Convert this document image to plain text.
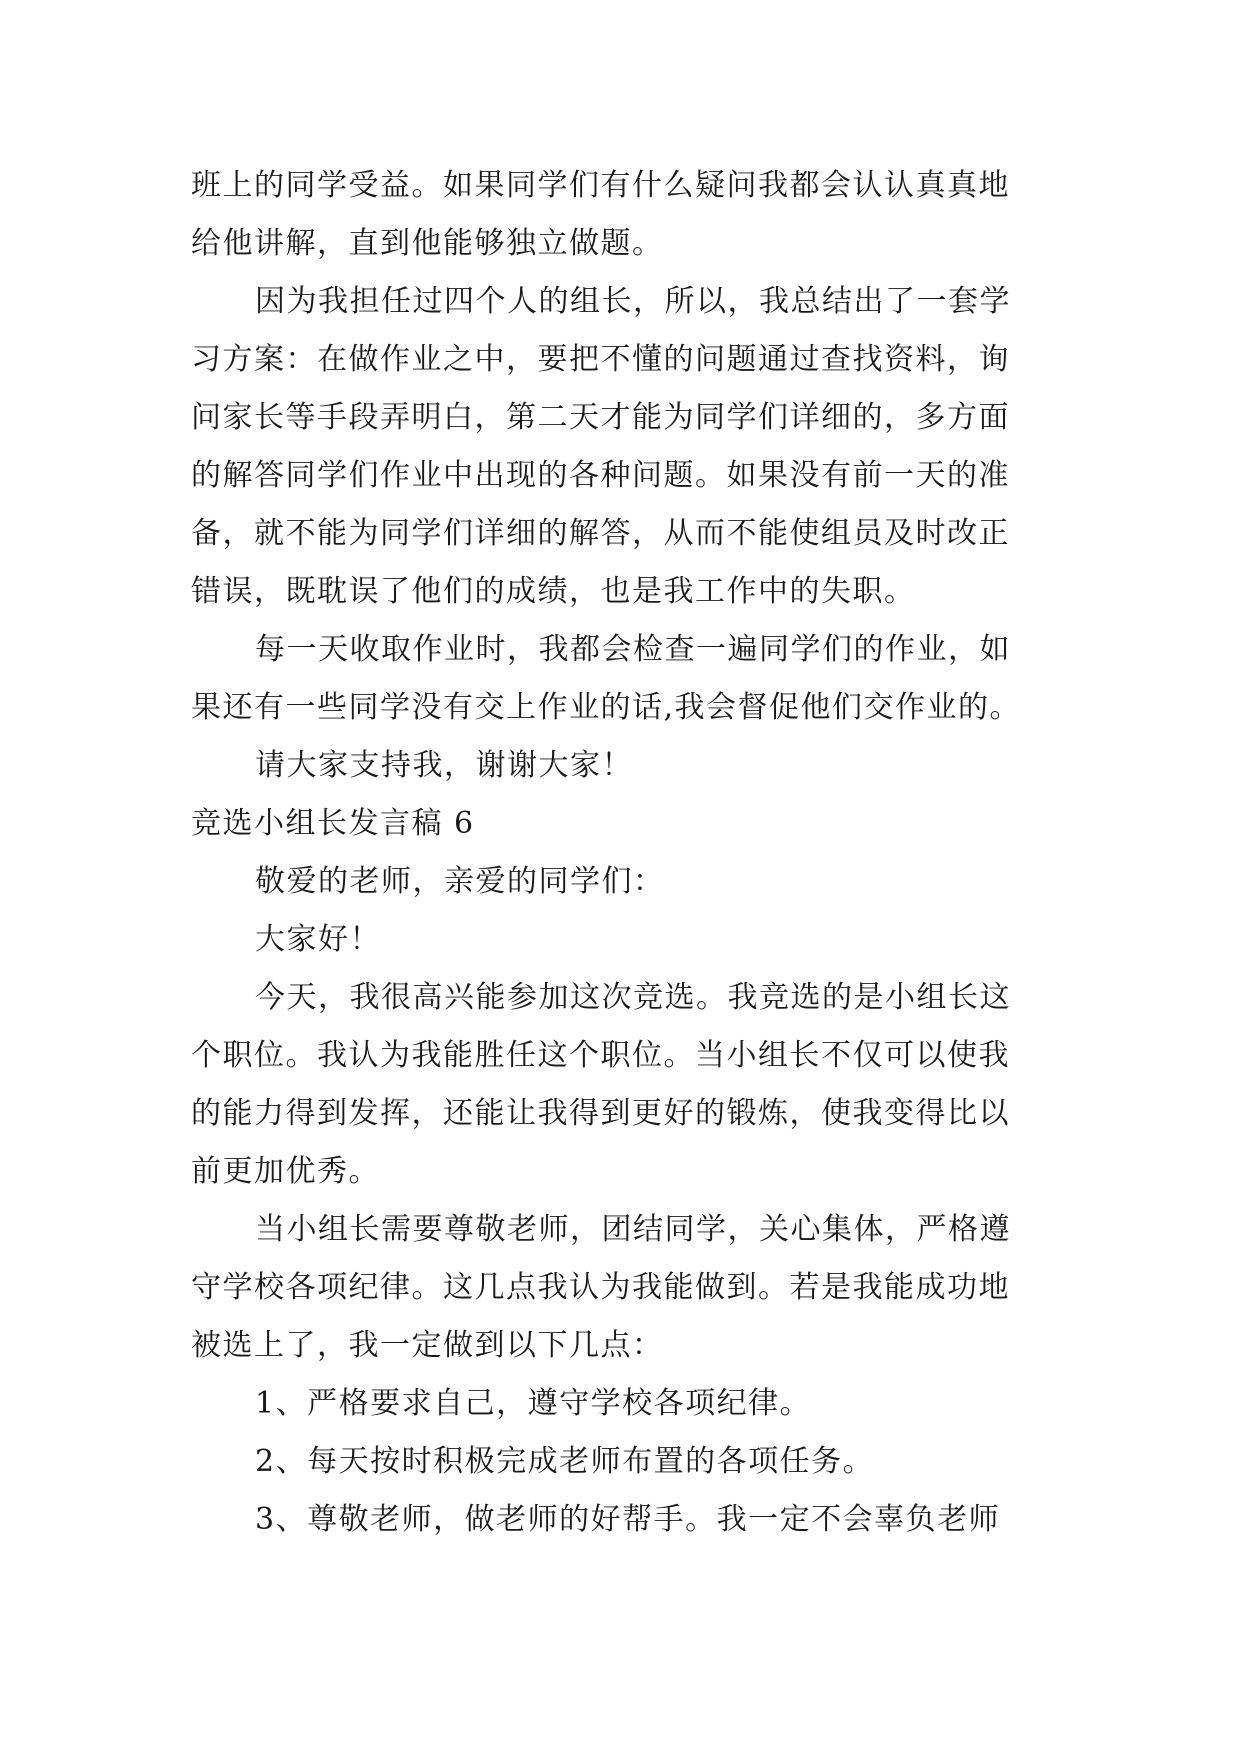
班上的同学受益。如果同学们有什么疑问我都会认认真真地
给他讲解，直到他能够独立做题。
因为我担任过四个人的组长，所以，我总结出了一套学
习方案：在做作业之中，要把不懂的问题通过查找资料，询
问家长等手段弄明白，第二天才能为同学们详细的，多方面
的解答同学们作业中出现的各种问题。如果没有前一天的准
备，就不能为同学们详细的解答，从而不能使组员及时改正
错误，既耽误了他们的成绩，也是我工作中的失职。
每一天收取作业时，我都会检查一遍同学们的作业，如
果还有一些同学没有交上作业的话,我会督促他们交作业的。
请大家支持我，谢谢大家！
竞选小组长发言稿 6
敬爱的老师，亲爱的同学们：
大家好！
今天，我很高兴能参加这次竞选。我竞选的是小组长这
个职位。我认为我能胜任这个职位。当小组长不仅可以使我
的能力得到发挥，还能让我得到更好的锻炼，使我变得比以
前更加优秀。
当小组长需要尊敬老师，团结同学，关心集体，严格遵
守学校各项纪律。这几点我认为我能做到。若是我能成功地
被选上了，我一定做到以下几点：
1、严格要求自己，遵守学校各项纪律。
2、每天按时积极完成老师布置的各项任务。
3、尊敬老师，做老师的好帮手。我一定不会辜负老师
